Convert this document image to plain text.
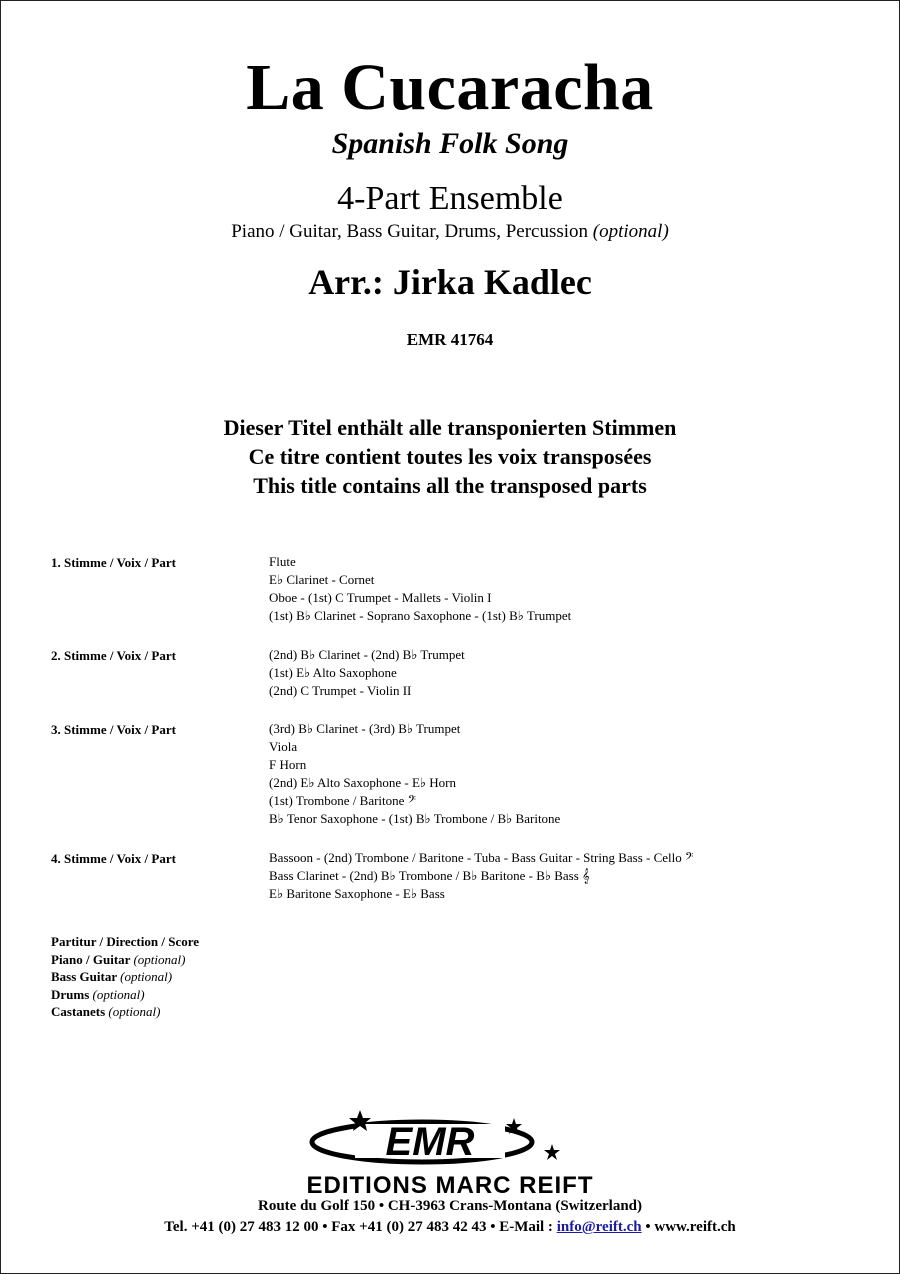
La Cucaracha
Spanish Folk Song
4-Part Ensemble
Piano / Guitar, Bass Guitar, Drums, Percussion (optional)
Arr.: Jirka Kadlec
EMR 41764
Dieser Titel enthält alle transponierten Stimmen
Ce titre contient toutes les voix transposées
This title contains all the transposed parts
1. Stimme / Voix / Part	Flute
E♭ Clarinet - Cornet
Oboe - (1st) C Trumpet - Mallets - Violin I
(1st) B♭ Clarinet - Soprano Saxophone - (1st) B♭ Trumpet
2. Stimme / Voix / Part	(2nd) B♭ Clarinet - (2nd) B♭ Trumpet
(1st) E♭ Alto Saxophone
(2nd) C Trumpet - Violin II
3. Stimme / Voix / Part	(3rd) B♭ Clarinet - (3rd) B♭ Trumpet
Viola
F Horn
(2nd) E♭ Alto Saxophone - E♭ Horn
(1st) Trombone / Baritone 𝄢
B♭ Tenor Saxophone - (1st) B♭ Trombone / B♭ Baritone
4. Stimme / Voix / Part	Bassoon - (2nd) Trombone / Baritone - Tuba - Bass Guitar - String Bass - Cello 𝄢
Bass Clarinet - (2nd) B♭ Trombone / B♭ Baritone - B♭ Bass 𝄞
E♭ Baritone Saxophone - E♭ Bass
Partitur / Direction / Score
Piano / Guitar (optional)
Bass Guitar (optional)
Drums (optional)
Castanets (optional)
EMR
EDITIONS MARC REIFT
Route du Golf 150 • CH-3963 Crans-Montana (Switzerland)
Tel. +41 (0) 27 483 12 00 • Fax +41 (0) 27 483 42 43 • E-Mail : info@reift.ch • www.reift.ch
